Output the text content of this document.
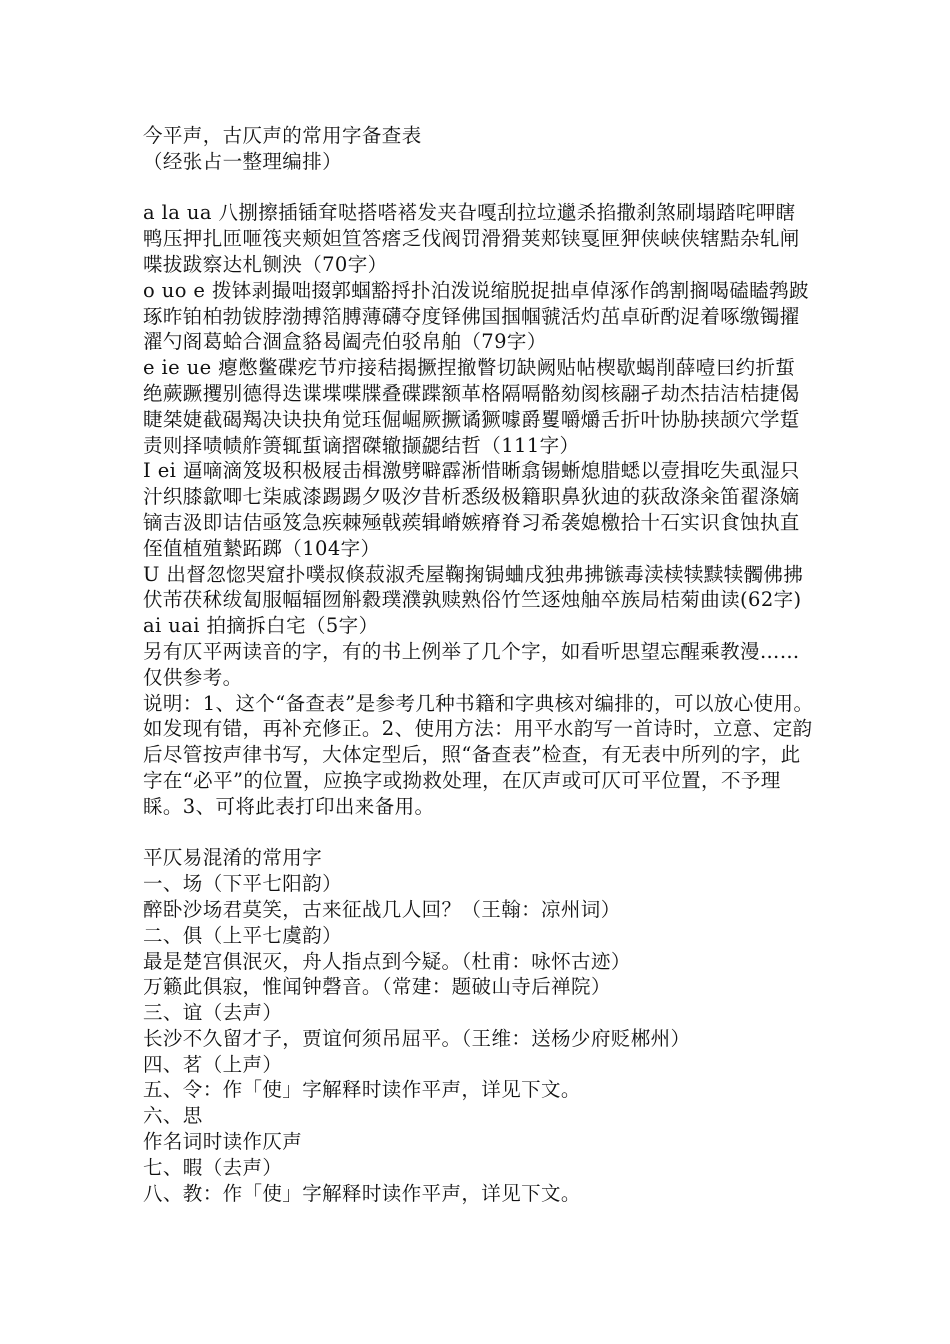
今平声，古仄声的常用字备查表
（经张占一整理编排）
a la ua 八捌擦插锸耷哒搭嗒褡发夹旮嘎刮拉垃邋杀掐撒刹煞刷塌踏咤呷瞎鸭压押扎匝咂筏夹颊妲笪答瘩乏伐阀罚滑猾荚郏铗戛匣狎侠峡侠辖黠杂轧闸喋拔跋察达札铡泱（70字）
o uo e 拨钵剥撮咄掇郭蝈豁捋扑泊泼说缩脱捉拙卓倬涿作鸽割搁喝磕瞌鹁跛琢昨铂柏勃钹脖渤搏箔膊薄礴夺度铎佛国掴帼虢活灼茁卓斫酌浞着啄缴镯擢濯勺阁葛蛤合涸盒貉曷阖壳伯驳帛舶（79字）
e ie ue 瘪憋鳖碟疙节疖接秸揭撅捏撤瞥切缺阙贴帖楔歇蝎削薛噎曰约折蜇绝蕨蹶攫别德得迭谍堞喋牒叠碟蹀额革格隔嗝骼劾阂核翮孑劫杰拮洁桔捷偈睫桀婕截碣羯决诀抉角觉珏倔崛厥撅谲獗噱爵矍嚼爝舌折叶协胁挟颉穴学踅责则择啧帻舴箦辄蜇谪摺磔辙撷勰结哲（111字）
I ei 逼嘀滴笈圾积极屐击楫激劈噼霹淅惜晰翕锡蜥熄腊蟋以壹揖吃失虱湿只汁织膝歙唧七柒戚漆踢踢夕吸汐昔析悉级极籍职鼻狄迪的荻敌涤籴笛翟涤嫡镝吉汲即诘佶亟笈急疾棘殛戟蒺辑嵴嫉瘠脊习希袭媳檄拾十石实识食蚀执直侄值植殖縶跖踯（104字）
U 出督忽惚哭窟扑噗叔倏菽淑秃屋鞠掬锔蛐戌独弗拂镞毒渎椟犊黩犊髑佛拂伏芾茯秫绂匐服幅辐囫斛縠璞濮孰赎熟俗竹竺逐烛舳卒族局桔菊曲读(62字)
ai uai 拍摘拆白宅（5字）
另有仄平两读音的字，有的书上例举了几个字，如看听思望忘醒乘教漫……仅供参考。
说明：1、这个“备查表”是参考几种书籍和字典核对编排的，可以放心使用。如发现有错，再补充修正。2、使用方法：用平水韵写一首诗时，立意、定韵后尽管按声律书写，大体定型后，照“备查表”检查，有无表中所列的字，此字在“必平”的位置，应换字或拗救处理，在仄声或可仄可平位置，不予理睬。3、可将此表打印出来备用。
平仄易混淆的常用字
一、场（下平七阳韵）
醉卧沙场君莫笑，古来征战几人回？（王翰：凉州词）
二、俱（上平七虞韵）
最是楚宫俱泯灭，舟人指点到今疑。（杜甫：咏怀古迹）
万籁此俱寂，惟闻钟磬音。（常建：题破山寺后禅院）
三、谊（去声）
长沙不久留才子，贾谊何须吊屈平。（王维：送杨少府贬郴州）
四、茗（上声）
五、令：作「使」字解释时读作平声，详见下文。
六、思
作名词时读作仄声
七、暇（去声）
八、教：作「使」字解释时读作平声，详见下文。
